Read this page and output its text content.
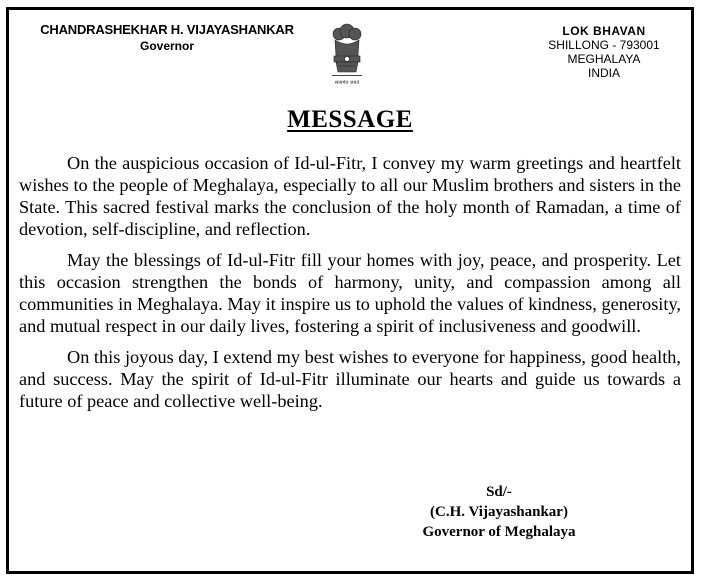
CHANDRASHEKHAR H. VIJAYASHANKAR
Governor
सत्यमेव जयते
LOK BHAVAN
SHILLONG - 793001
MEGHALAYA
INDIA
MESSAGE

On the auspicious occasion of Id-ul-Fitr, I convey my warm greetings and heartfelt wishes to the people of Meghalaya, especially to all our Muslim brothers and sisters in the State. This sacred festival marks the conclusion of the holy month of Ramadan, a time of devotion, self-discipline, and reflection.

May the blessings of Id-ul-Fitr fill your homes with joy, peace, and prosperity. Let this occasion strengthen the bonds of harmony, unity, and compassion among all communities in Meghalaya. May it inspire us to uphold the values of kindness, generosity, and mutual respect in our daily lives, fostering a spirit of inclusiveness and goodwill.

On this joyous day, I extend my best wishes to everyone for happiness, good health, and success. May the spirit of Id-ul-Fitr illuminate our hearts and guide us towards a future of peace and collective well-being.

Sd/-
(C.H. Vijayashankar)
Governor of Meghalaya
